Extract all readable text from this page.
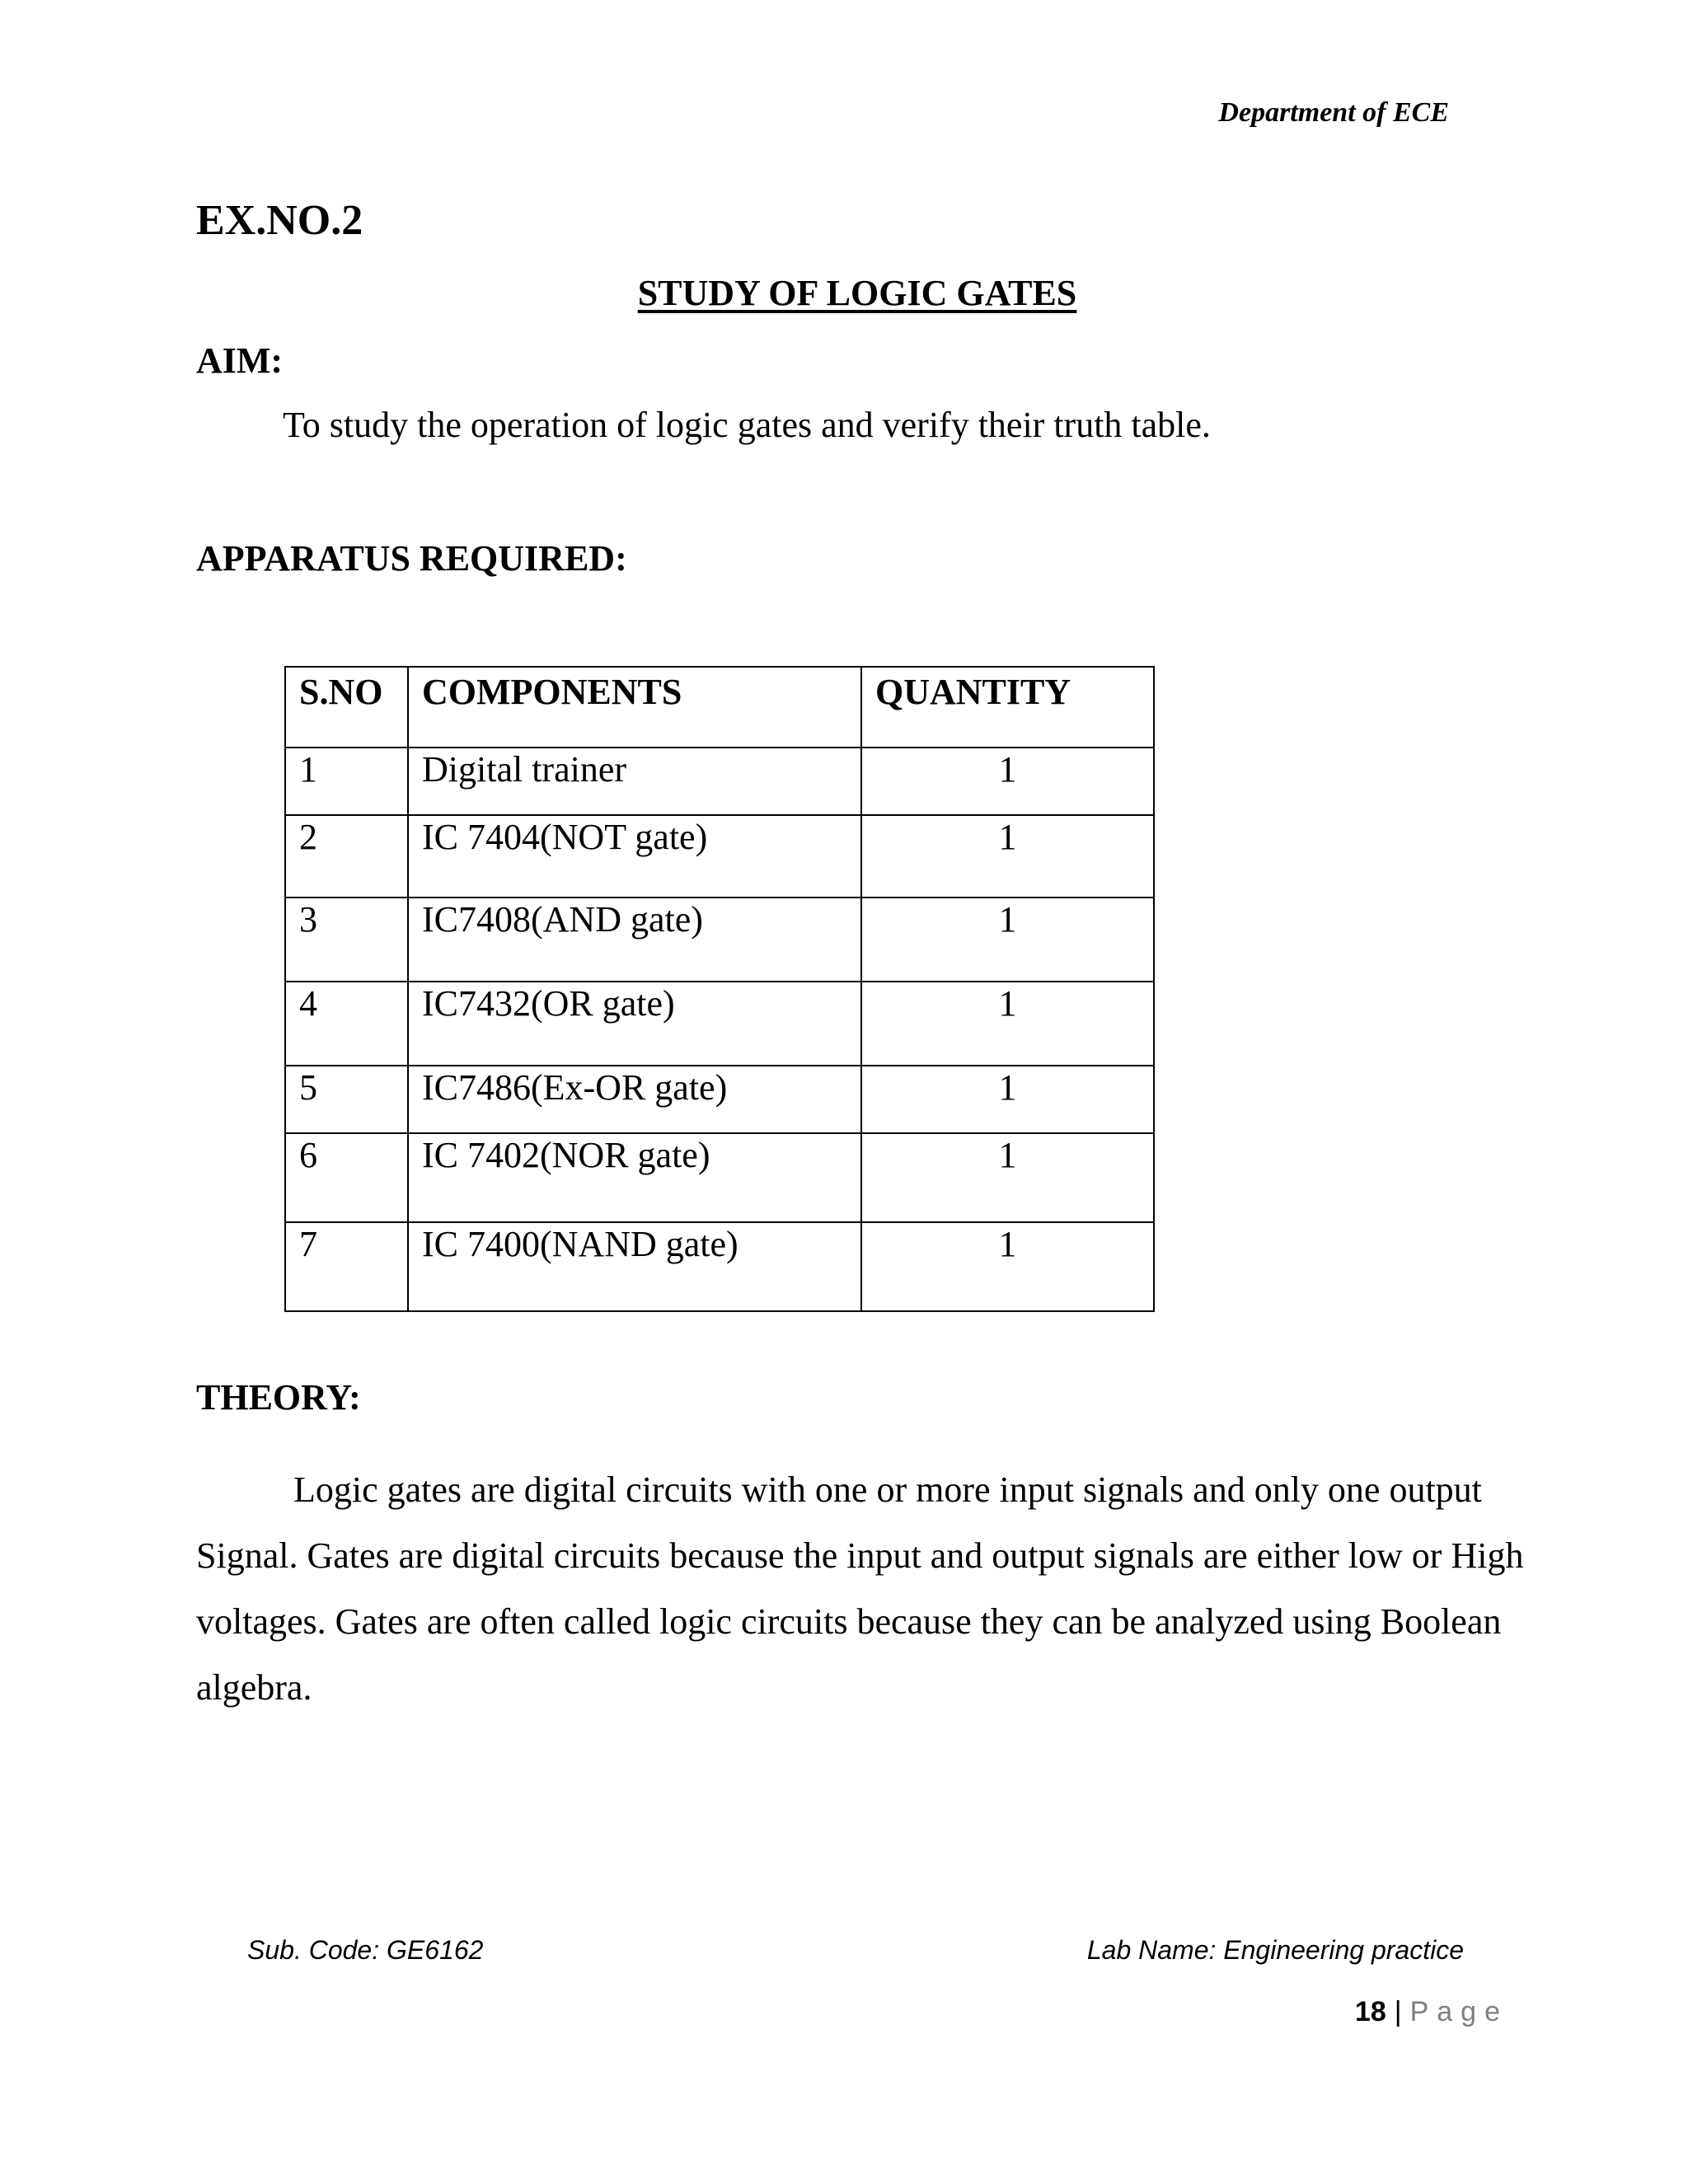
Department of ECE
EX.NO.2
STUDY OF LOGIC GATES
AIM:
To study the operation of logic gates and verify their truth table.
APPARATUS REQUIRED:
S.NO	COMPONENTS	QUANTITY
1	Digital trainer	1
2	IC 7404(NOT gate)	1
3	IC7408(AND gate)	1
4	IC7432(OR gate)	1
5	IC7486(Ex-OR gate)	1
6	IC 7402(NOR gate)	1
7	IC 7400(NAND gate)	1
THEORY:
Logic gates are digital circuits with one or more input signals and only one output Signal. Gates are digital circuits because the input and output signals are either low or High voltages. Gates are often called logic circuits because they can be analyzed using Boolean algebra.
Sub. Code: GE6162	Lab Name: Engineering practice
18 | Page
